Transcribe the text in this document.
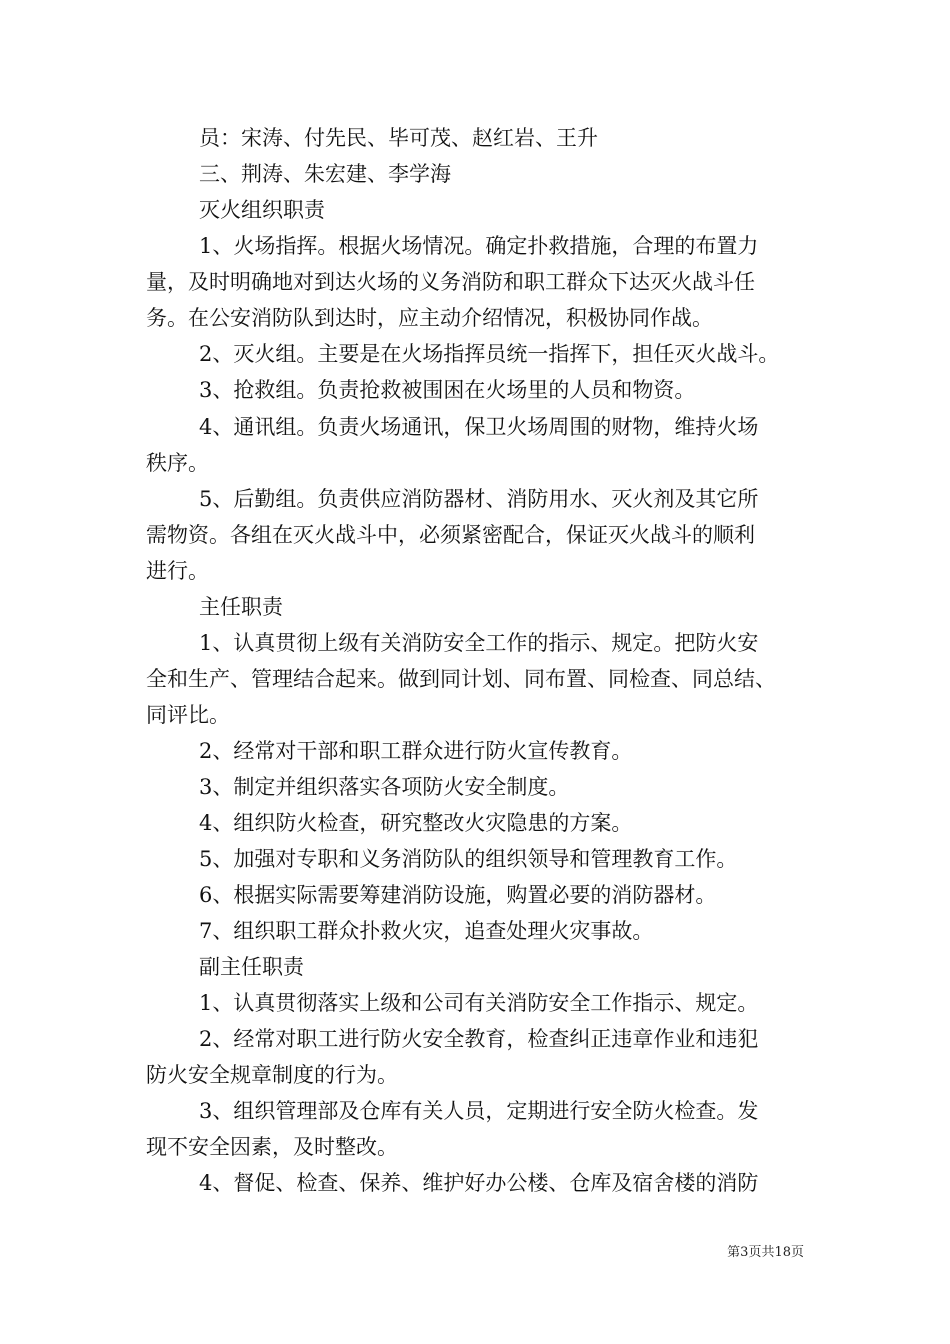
员：宋涛、付先民、毕可茂、赵红岩、王升
三、荆涛、朱宏建、李学海
灭火组织职责
1、火场指挥。根据火场情况。确定扑救措施，合理的布置力
量，及时明确地对到达火场的义务消防和职工群众下达灭火战斗任
务。在公安消防队到达时，应主动介绍情况，积极协同作战。
2、灭火组。主要是在火场指挥员统一指挥下，担任灭火战斗。
3、抢救组。负责抢救被围困在火场里的人员和物资。
4、通讯组。负责火场通讯，保卫火场周围的财物，维持火场
秩序。
5、后勤组。负责供应消防器材、消防用水、灭火剂及其它所
需物资。各组在灭火战斗中，必须紧密配合，保证灭火战斗的顺利
进行。
主任职责
1、认真贯彻上级有关消防安全工作的指示、规定。把防火安
全和生产、管理结合起来。做到同计划、同布置、同检查、同总结、
同评比。
2、经常对干部和职工群众进行防火宣传教育。
3、制定并组织落实各项防火安全制度。
4、组织防火检查，研究整改火灾隐患的方案。
5、加强对专职和义务消防队的组织领导和管理教育工作。
6、根据实际需要筹建消防设施，购置必要的消防器材。
7、组织职工群众扑救火灾，追查处理火灾事故。
副主任职责
1、认真贯彻落实上级和公司有关消防安全工作指示、规定。
2、经常对职工进行防火安全教育，检查纠正违章作业和违犯
防火安全规章制度的行为。
3、组织管理部及仓库有关人员，定期进行安全防火检查。发
现不安全因素，及时整改。
4、督促、检查、保养、维护好办公楼、仓库及宿舍楼的消防
第3页共18页
